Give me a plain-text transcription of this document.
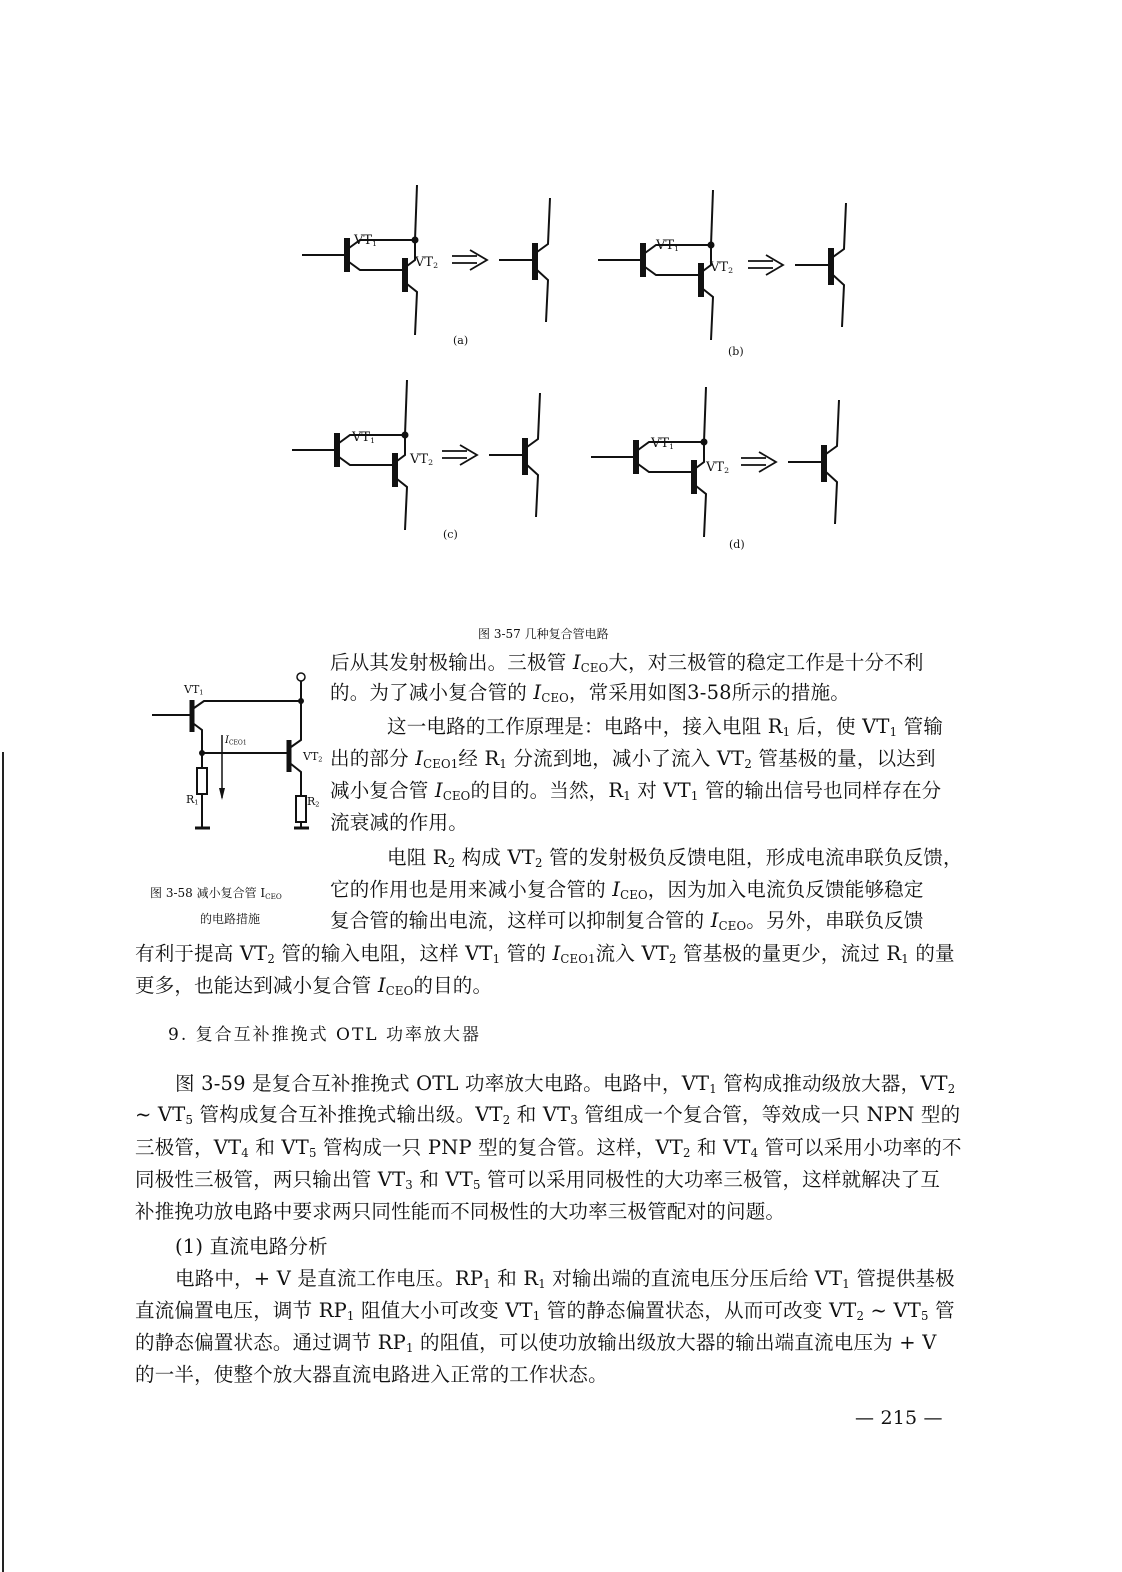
$VT_1$
$VT_2$
$VT_1$
$VT_2$
$VT_1$
$VT_2$
$VT_1$
$VT_2$
(a)
(b)
(c)
(d)
图 3-57 几种复合管电路
$VT_1$
$VT_2$
$R_1$	$R_2$
$I_{CEO1}$
图 3-58 减小复合管 $I_{CEO}$
的电路措施
后从其发射极输出。三极管 $I_{CEO}$大，对三极管的稳定工作是十分不利
的。为了减小复合管的 $I_{CEO}$，常采用如图3-58所示的措施。
这一电路的工作原理是：电路中，接入电阻 $R_1$ 后，使 $VT_1$ 管输
出的部分 $I_{CEO1}$经 $R_1$ 分流到地，减小了流入 $VT_2$ 管基极的量，以达到
减小复合管 $I_{CEO}$的目的。当然，$R_1$ 对 $VT_1$ 管的输出信号也同样存在分
流衰减的作用。
电阻 $R_2$ 构成 $VT_2$ 管的发射极负反馈电阻，形成电流串联负反馈，
它的作用也是用来减小复合管的 $I_{CEO}$，因为加入电流负反馈能够稳定
复合管的输出电流，这样可以抑制复合管的 $I_{CEO}$。另外，串联负反馈
有利于提高 $VT_2$ 管的输入电阻，这样 $VT_1$ 管的 $I_{CEO1}$流入 $VT_2$ 管基极的量更少，流过 $R_1$ 的量
更多，也能达到减小复合管 $I_{CEO}$的目的。
9. 复合互补推挽式 OTL 功率放大器
图 3-59 是复合互补推挽式 OTL 功率放大电路。电路中，$VT_1$ 管构成推动级放大器，$VT_2$
~ $VT_5$ 管构成复合互补推挽式输出级。$VT_2$ 和 $VT_3$ 管组成一个复合管，等效成一只 NPN 型的
三极管，$VT_4$ 和 $VT_5$ 管构成一只 PNP 型的复合管。这样，$VT_2$ 和 $VT_4$ 管可以采用小功率的不
同极性三极管，两只输出管 $VT_3$ 和 $VT_5$ 管可以采用同极性的大功率三极管，这样就解决了互
补推挽功放电路中要求两只同性能而不同极性的大功率三极管配对的问题。
(1) 直流电路分析
电路中，+ V 是直流工作电压。$RP_1$ 和 $R_1$ 对输出端的直流电压分压后给 $VT_1$ 管提供基极
直流偏置电压，调节 $RP_1$ 阻值大小可改变 $VT_1$ 管的静态偏置状态，从而可改变 $VT_2$ ~ $VT_5$ 管
的静态偏置状态。通过调节 $RP_1$ 的阻值，可以使功放输出级放大器的输出端直流电压为 + V
的一半，使整个放大器直流电路进入正常的工作状态。
— 215 —
